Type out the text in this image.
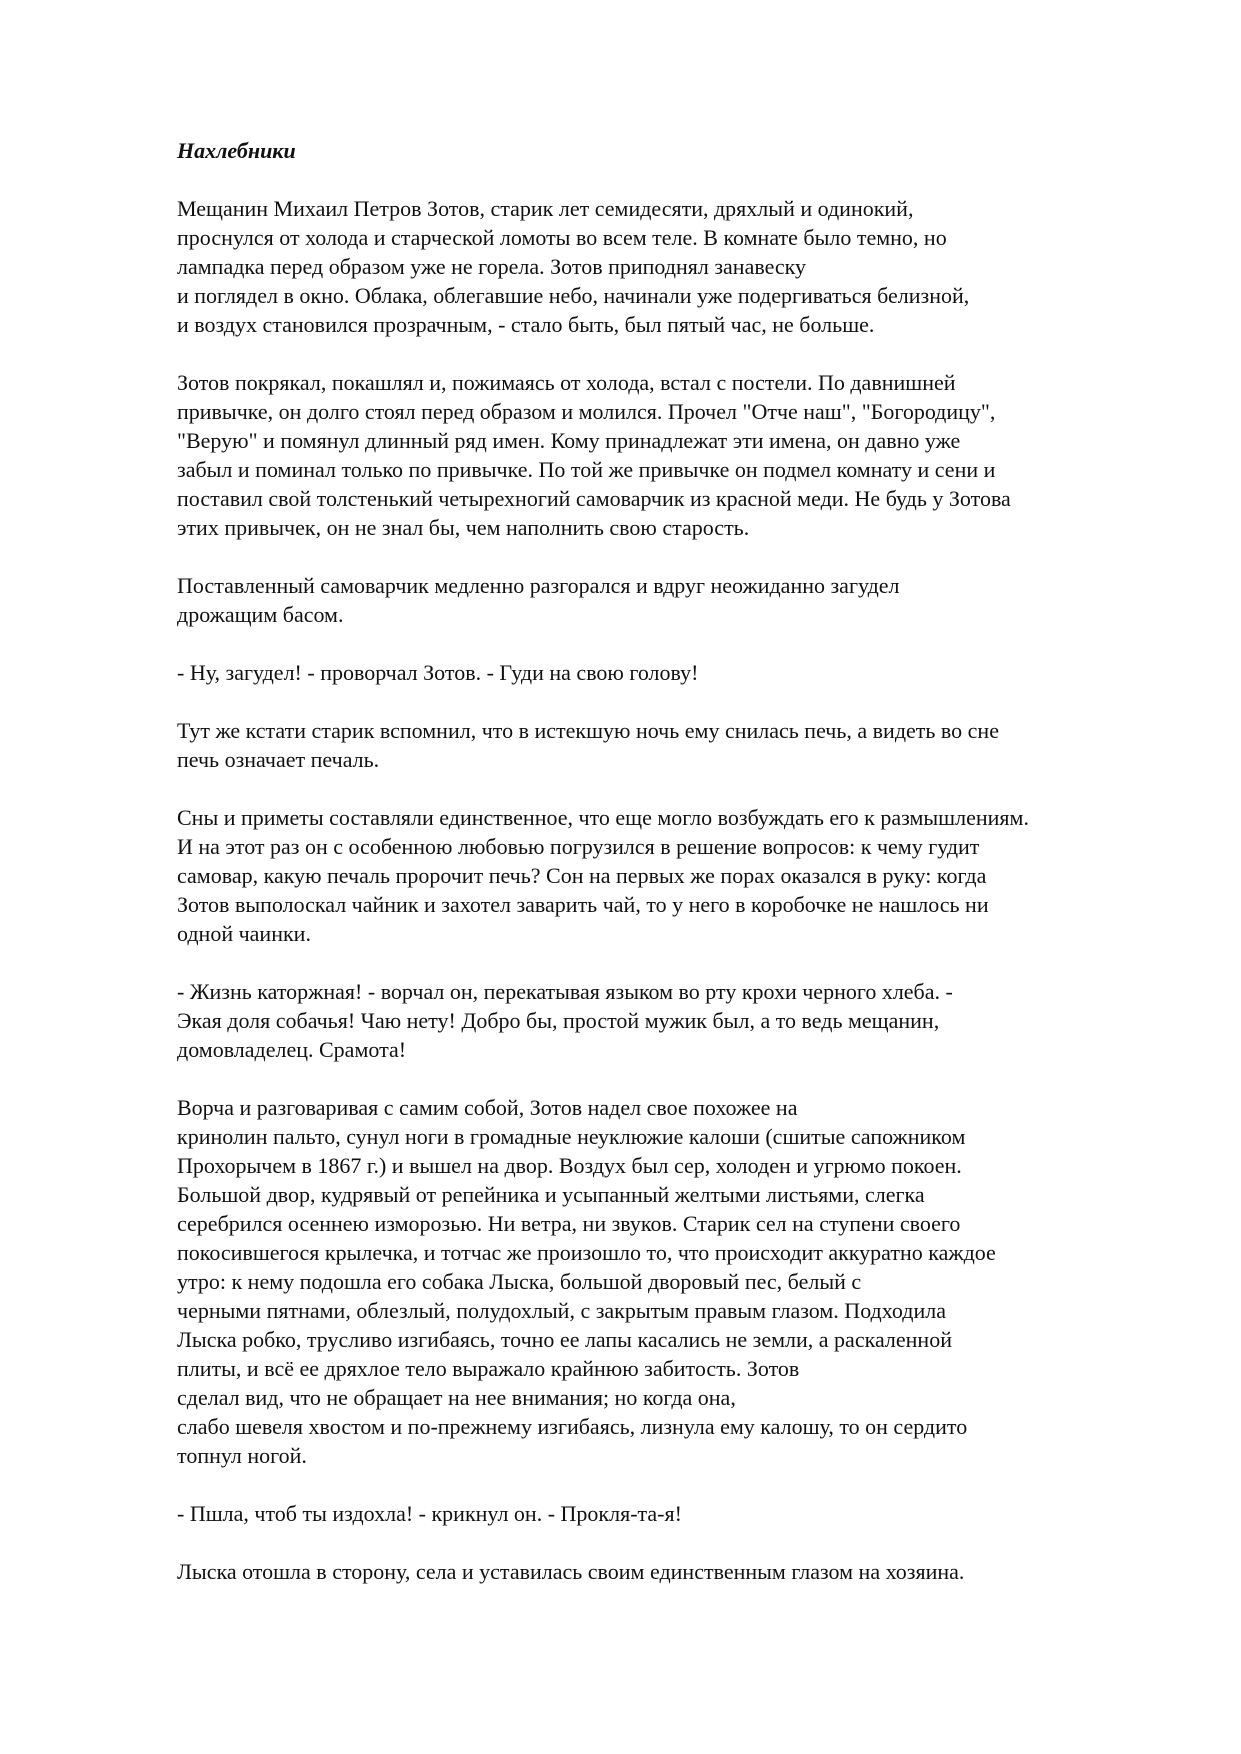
Нахлебники
Мещанин Михаил Петров Зотов, старик лет семидесяти, дряхлый и одинокий,
проснулся от холода и старческой ломоты во всем теле. В комнате было темно, но
лампадка перед образом уже не горела. Зотов приподнял занавеску
и поглядел в окно. Облака, облегавшие небо, начинали уже подергиваться белизной,
и воздух становился прозрачным, - стало быть, был пятый час, не больше.
Зотов покрякал, покашлял и, пожимаясь от холода, встал с постели. По давнишней
привычке, он долго стоял перед образом и молился. Прочел "Отче наш", "Богородицу",
"Верую" и помянул длинный ряд имен. Кому принадлежат эти имена, он давно уже
забыл и поминал только по привычке. По той же привычке он подмел комнату и сени и
поставил свой толстенький четырехногий самоварчик из красной меди. Не будь у Зотова
этих привычек, он не знал бы, чем наполнить свою старость.
Поставленный самоварчик медленно разгорался и вдруг неожиданно загудел
дрожащим басом.
- Ну, загудел! - проворчал Зотов. - Гуди на свою голову!
Тут же кстати старик вспомнил, что в истекшую ночь ему снилась печь, а видеть во сне
печь означает печаль.
Сны и приметы составляли единственное, что еще могло возбуждать его к размышлениям.
И на этот раз он с особенною любовью погрузился в решение вопросов: к чему гудит
самовар, какую печаль пророчит печь? Сон на первых же порах оказался в руку: когда
Зотов выполоскал чайник и захотел заварить чай, то у него в коробочке не нашлось ни
одной чаинки.
- Жизнь каторжная! - ворчал он, перекатывая языком во рту крохи черного хлеба. -
Экая доля собачья! Чаю нету! Добро бы, простой мужик был, а то ведь мещанин,
домовладелец. Срамота!
Ворча и разговаривая с самим собой, Зотов надел свое похожее на
кринолин пальто, сунул ноги в громадные неуклюжие калоши (сшитые сапожником
Прохорычем в 1867 г.) и вышел на двор. Воздух был сер, холоден и угрюмо покоен.
Большой двор, кудрявый от репейника и усыпанный желтыми листьями, слегка
серебрился осеннею изморозью. Ни ветра, ни звуков. Старик сел на ступени своего
покосившегося крылечка, и тотчас же произошло то, что происходит аккуратно каждое
утро: к нему подошла его собака Лыска, большой дворовый пес, белый с
черными пятнами, облезлый, полудохлый, с закрытым правым глазом. Подходила
Лыска робко, трусливо изгибаясь, точно ее лапы касались не земли, а раскаленной
плиты, и всё ее дряхлое тело выражало крайнюю забитость. Зотов
сделал вид, что не обращает на нее внимания; но когда она,
слабо шевеля хвостом и по-прежнему изгибаясь, лизнула ему калошу, то он сердито
топнул ногой.
- Пшла, чтоб ты издохла! - крикнул он. - Прокля-та-я!
Лыска отошла в сторону, села и уставилась своим единственным глазом на хозяина.
